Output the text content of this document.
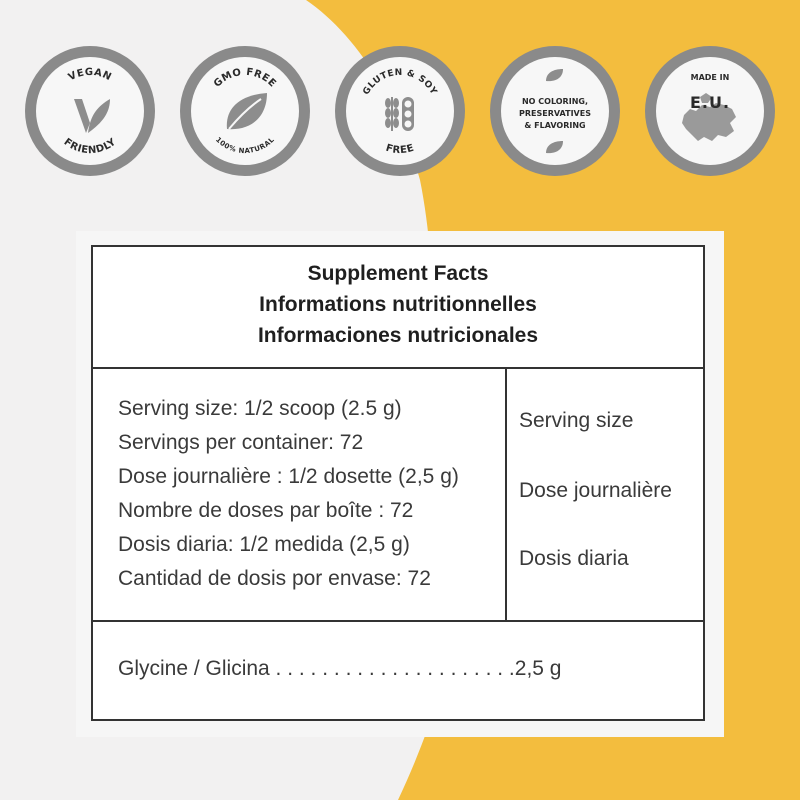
VEGAN
FRIENDLY
GMO FREE
100% NATURAL
GLUTEN & SOY
FREE
NO COLORING,
PRESERVATIVES
& FLAVORING
MADE IN
E.U.
Supplement Facts
Informations nutritionnelles
Informaciones nutricionales
Serving size: 1/2 scoop (2.5 g)
Servings per container: 72
Dose journalière : 1/2 dosette (2,5 g)
Nombre de doses par boîte : 72
Dosis diaria: 1/2 medida (2,5 g)
Cantidad de dosis por envase: 72
Serving size
Dose journalière
Dosis diaria
Glycine / Glicina . . . . . . . . . . . . . . . . . . . . .2,5 g
